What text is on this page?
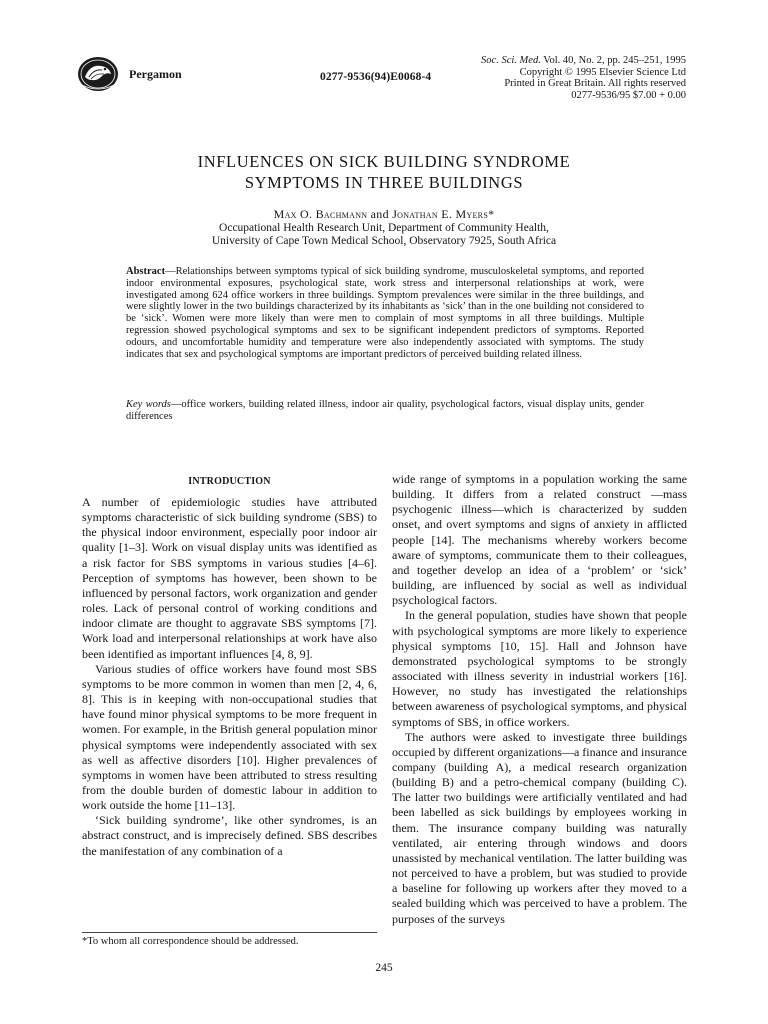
Pergamon	0277-9536(94)E0068-4
Soc. Sci. Med. Vol. 40, No. 2, pp. 245–251, 1995
Copyright © 1995 Elsevier Science Ltd
Printed in Great Britain. All rights reserved
0277-9536/95 $7.00 + 0.00
INFLUENCES ON SICK BUILDING SYNDROME
SYMPTOMS IN THREE BUILDINGS
Max O. Bachmann and Jonathan E. Myers*
Occupational Health Research Unit, Department of Community Health,
University of Cape Town Medical School, Observatory 7925, South Africa
Abstract—Relationships between symptoms typical of sick building syndrome, musculoskeletal symptoms, and reported indoor environmental exposures, psychological state, work stress and interpersonal relationships at work, were investigated among 624 office workers in three buildings. Symptom prevalences were similar in the three buildings, and were slightly lower in the two buildings characterized by its inhabitants as ‘sick’ than in the one building not considered to be ‘sick’. Women were more likely than were men to complain of most symptoms in all three buildings. Multiple regression showed psychological symptoms and sex to be significant independent predictors of symptoms. Reported odours, and uncomfortable humidity and temperature were also independently associated with symptoms. The study indicates that sex and psychological symptoms are important predictors of perceived building related illness.
Key words—office workers, building related illness, indoor air quality, psychological factors, visual display units, gender differences
INTRODUCTION

A number of epidemiologic studies have attributed symptoms characteristic of sick building syndrome (SBS) to the physical indoor environment, especially poor indoor air quality [1–3]. Work on visual display units was identified as a risk factor for SBS symptoms in various studies [4–6]. Perception of symptoms has however, been shown to be influenced by personal factors, work organization and gender roles. Lack of personal control of working conditions and indoor climate are thought to aggravate SBS symptoms [7]. Work load and interpersonal relationships at work have also been identified as important influences [4, 8, 9].

Various studies of office workers have found most SBS symptoms to be more common in women than men [2, 4, 6, 8]. This is in keeping with non-occupational studies that have found minor physical symptoms to be more frequent in women. For example, in the British general population minor physical symptoms were independently associated with sex as well as affective disorders [10]. Higher prevalences of symptoms in women have been attributed to stress resulting from the double burden of domestic labour in addition to work outside the home [11–13].

‘Sick building syndrome’, like other syndromes, is an abstract construct, and is imprecisely defined. SBS describes the manifestation of any combination of a

wide range of symptoms in a population working the same building. It differs from a related construct —mass psychogenic illness—which is characterized by sudden onset, and overt symptoms and signs of anxiety in afflicted people [14]. The mechanisms whereby workers become aware of symptoms, communicate them to their colleagues, and together develop an idea of a ‘problem’ or ‘sick’ building, are influenced by social as well as individual psychological factors.

In the general population, studies have shown that people with psychological symptoms are more likely to experience physical symptoms [10, 15]. Hall and Johnson have demonstrated psychological symptoms to be strongly associated with illness severity in industrial workers [16]. However, no study has investigated the relationships between awareness of psychological symptoms, and physical symptoms of SBS, in office workers.

The authors were asked to investigate three buildings occupied by different organizations—a finance and insurance company (building A), a medical research organization (building B) and a petro-chemical company (building C). The latter two buildings were artificially ventilated and had been labelled as sick buildings by employees working in them. The insurance company building was naturally ventilated, air entering through windows and doors unassisted by mechanical ventilation. The latter building was not perceived to have a problem, but was studied to provide a baseline for following up workers after they moved to a sealed building which was perceived to have a problem. The purposes of the surveys

*To whom all correspondence should be addressed.
245
